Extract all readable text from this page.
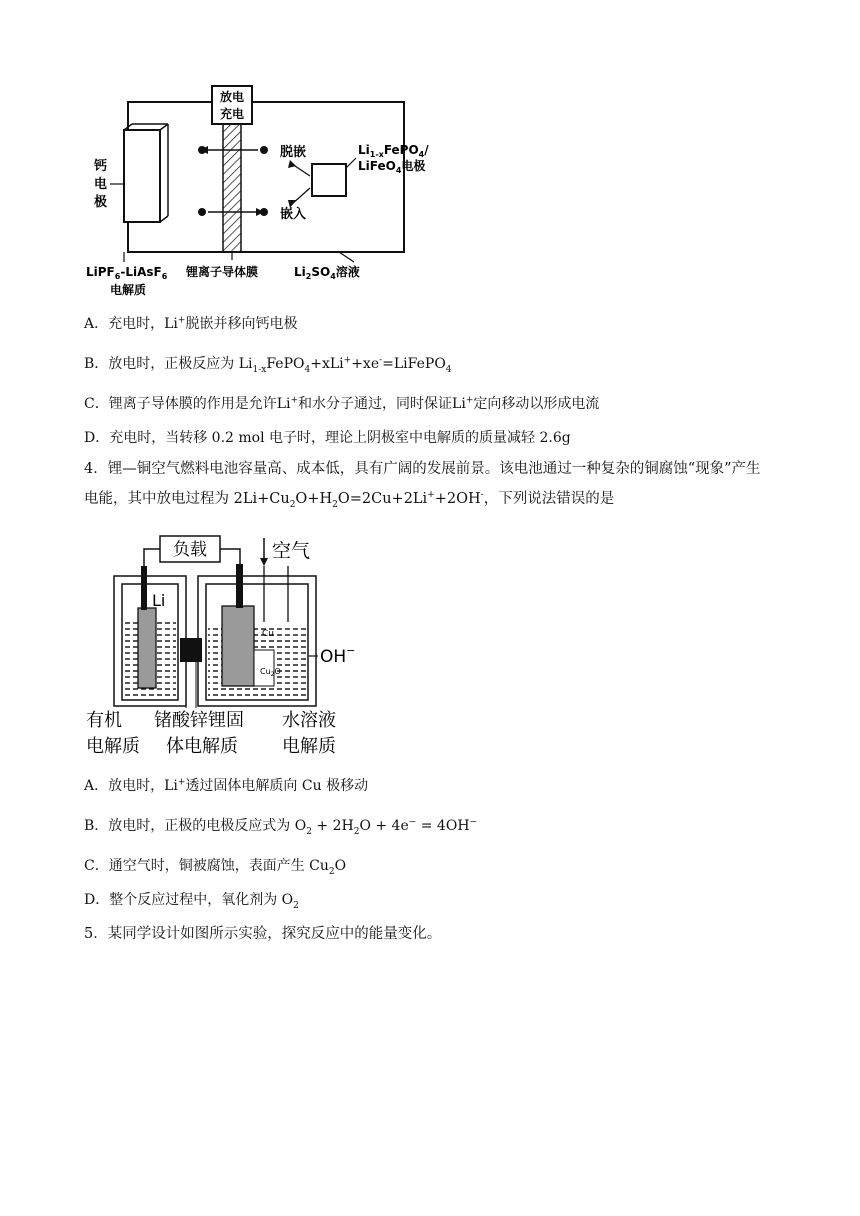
放电
充电
钙
电
极
脱嵌
嵌入
$Li_{1-x}FePO_4/$
LiFeO$_4$电极
LiPF$_6$-LiAsF$_6$
电解质
锂离子导体膜	$Li_2SO_4$溶液
A．充电时，Li+脱嵌并移向钙电极
B．放电时，正极反应为 $Li_{1-x}FePO_4+xLi^++xe^-=LiFePO_4$
C．锂离子导体膜的作用是允许Li+和水分子通过，同时保证Li+定向移动以形成电流
D．充电时，当转移 0.2 mol 电子时，理论上阴极室中电解质的质量减轻 2.6g
4．锂—铜空气燃料电池容量高、成本低，具有广阔的发展前景。该电池通过一种复杂的铜腐蚀“现象”产生
电能，其中放电过程为 $2Li+Cu_2O+H_2O=2Cu+2Li^++2OH^-$，下列说法错误的是
负载	空气
Li
Cu
$Cu_2O$
OH−
有机
电解质
锗酸锌锂固
体电解质
水溶液
电解质
A．放电时，Li+透过固体电解质向 Cu 极移动
B．放电时，正极的电极反应式为 $O_2 + 2H_2O + 4e^- = 4OH^-$
C．通空气时，铜被腐蚀，表面产生 $Cu_2O$
D．整个反应过程中，氧化剂为 $O_2$
5．某同学设计如图所示实验，探究反应中的能量变化。
